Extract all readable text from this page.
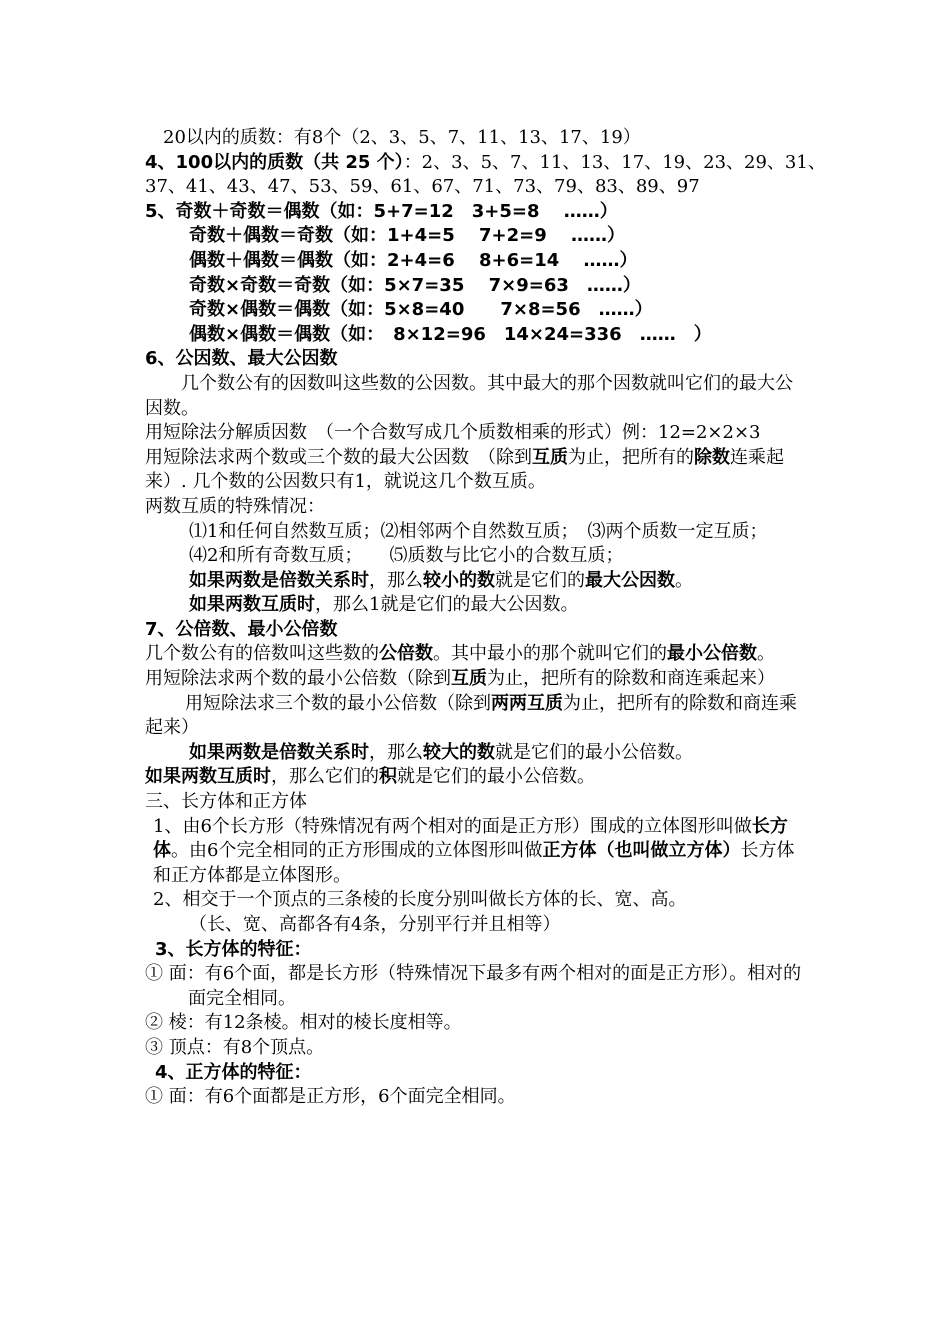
20以内的质数：有8个（2、3、5、7、11、13、17、19）
4、100以内的质数（共 25 个）：2、3、5、7、11、13、17、19、23、29、31、
37、41、43、47、53、59、61、67、71、73、79、83、89、97
5、奇数＋奇数＝偶数（如：5+7=12　3+5=8　 ……）
奇数＋偶数＝奇数（如：1+4=5　 7+2=9　 ……）
偶数＋偶数＝偶数（如：2+4=6　 8+6=14　 ……）
奇数×奇数＝奇数（如：5×7=35　 7×9=63　……）
奇数×偶数＝偶数（如：5×8=40　　7×8=56　……）
偶数×偶数＝偶数（如：　8×12=96　14×24=336　……　）
6、公因数、最大公因数
几个数公有的因数叫这些数的公因数。其中最大的那个因数就叫它们的最大公因数。
用短除法分解质因数　（一个合数写成几个质数相乘的形式）例：12=2×2×3
用短除法求两个数或三个数的最大公因数　（除到互质为止，把所有的除数连乘起来）. 几个数的公因数只有1，就说这几个数互质。
两数互质的特殊情况：
⑴1和任何自然数互质；⑵相邻两个自然数互质；　⑶两个质数一定互质；
⑷2和所有奇数互质；　　⑸质数与比它小的合数互质；
如果两数是倍数关系时，那么较小的数就是它们的最大公因数。
如果两数互质时，那么1就是它们的最大公因数。
7、公倍数、最小公倍数
几个数公有的倍数叫这些数的公倍数。其中最小的那个就叫它们的最小公倍数。
用短除法求两个数的最小公倍数（除到互质为止，把所有的除数和商连乘起来）
用短除法求三个数的最小公倍数（除到两两互质为止，把所有的除数和商连乘起来）
如果两数是倍数关系时，那么较大的数就是它们的最小公倍数。
如果两数互质时，那么它们的积就是它们的最小公倍数。
三、长方体和正方体
1、由6个长方形（特殊情况有两个相对的面是正方形）围成的立体图形叫做长方体。由6个完全相同的正方形围成的立体图形叫做正方体（也叫做立方体）长方体和正方体都是立体图形。
2、相交于一个顶点的三条棱的长度分别叫做长方体的长、宽、高。
（长、宽、高都各有4条，分别平行并且相等）
3、长方体的特征：
① 面：有6个面，都是长方形（特殊情况下最多有两个相对的面是正方形）。相对的面完全相同。
② 棱：有12条棱。相对的棱长度相等。
③ 顶点：有8个顶点。
4、正方体的特征：
① 面：有6个面都是正方形，6个面完全相同。
